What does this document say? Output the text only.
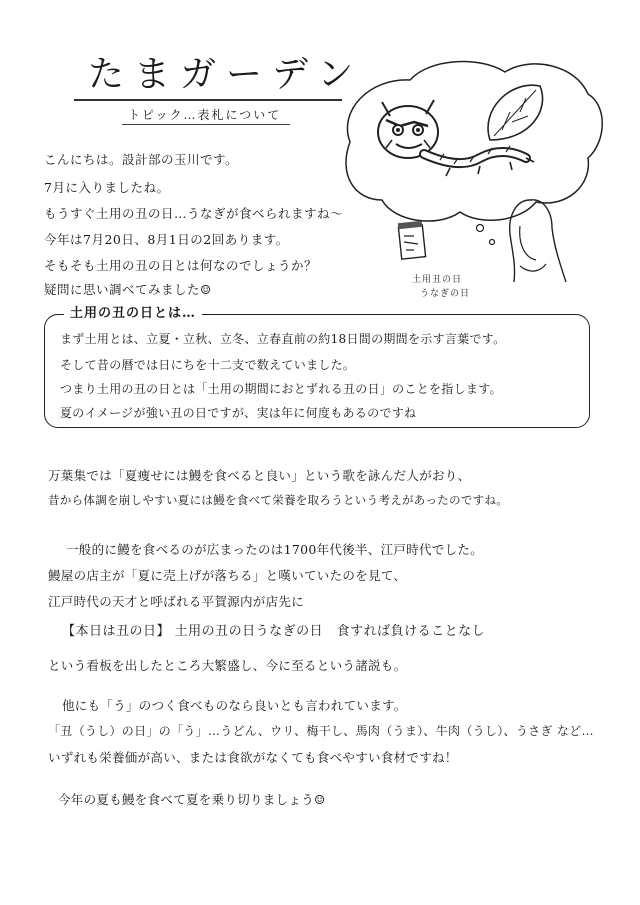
たまガーデン
トピック…表札について
こんにちは。設計部の玉川です。
7月に入りましたね。
もうすぐ土用の丑の日…うなぎが食べられますね〜
今年は7月20日、8月1日の2回あります。
そもそも土用の丑の日とは何なのでしょうか？
疑問に思い調べてみました☺
土用丑の日
うなぎの日
土用の丑の日とは…
まず土用とは、立夏・立秋、立冬、立春直前の約18日間の期間を示す言葉です。
そして昔の暦では日にちを十二支で数えていました。
つまり土用の丑の日とは「土用の期間におとずれる丑の日」のことを指します。
夏のイメージが強い丑の日ですが、実は年に何度もあるのですね
万葉集では「夏痩せには鰻を食べると良い」という歌を詠んだ人がおり、
昔から体調を崩しやすい夏には鰻を食べて栄養を取ろうという考えがあったのですね。
一般的に鰻を食べるのが広まったのは1700年代後半、江戸時代でした。
鰻屋の店主が「夏に売上げが落ちる」と嘆いていたのを見て、
江戸時代の天才と呼ばれる平賀源内が店先に
【本日は丑の日】 土用の丑の日うなぎの日　食すれば負けることなし
という看板を出したところ大繁盛し、今に至るという諸説も。
他にも「う」のつく食べものなら良いとも言われています。
「丑（うし）の日」の「う」…うどん、ウリ、梅干し、馬肉（うま）、牛肉（うし）、うさぎ など…
いずれも栄養価が高い、または食欲がなくても食べやすい食材ですね！
今年の夏も鰻を食べて夏を乗り切りましょう☺
